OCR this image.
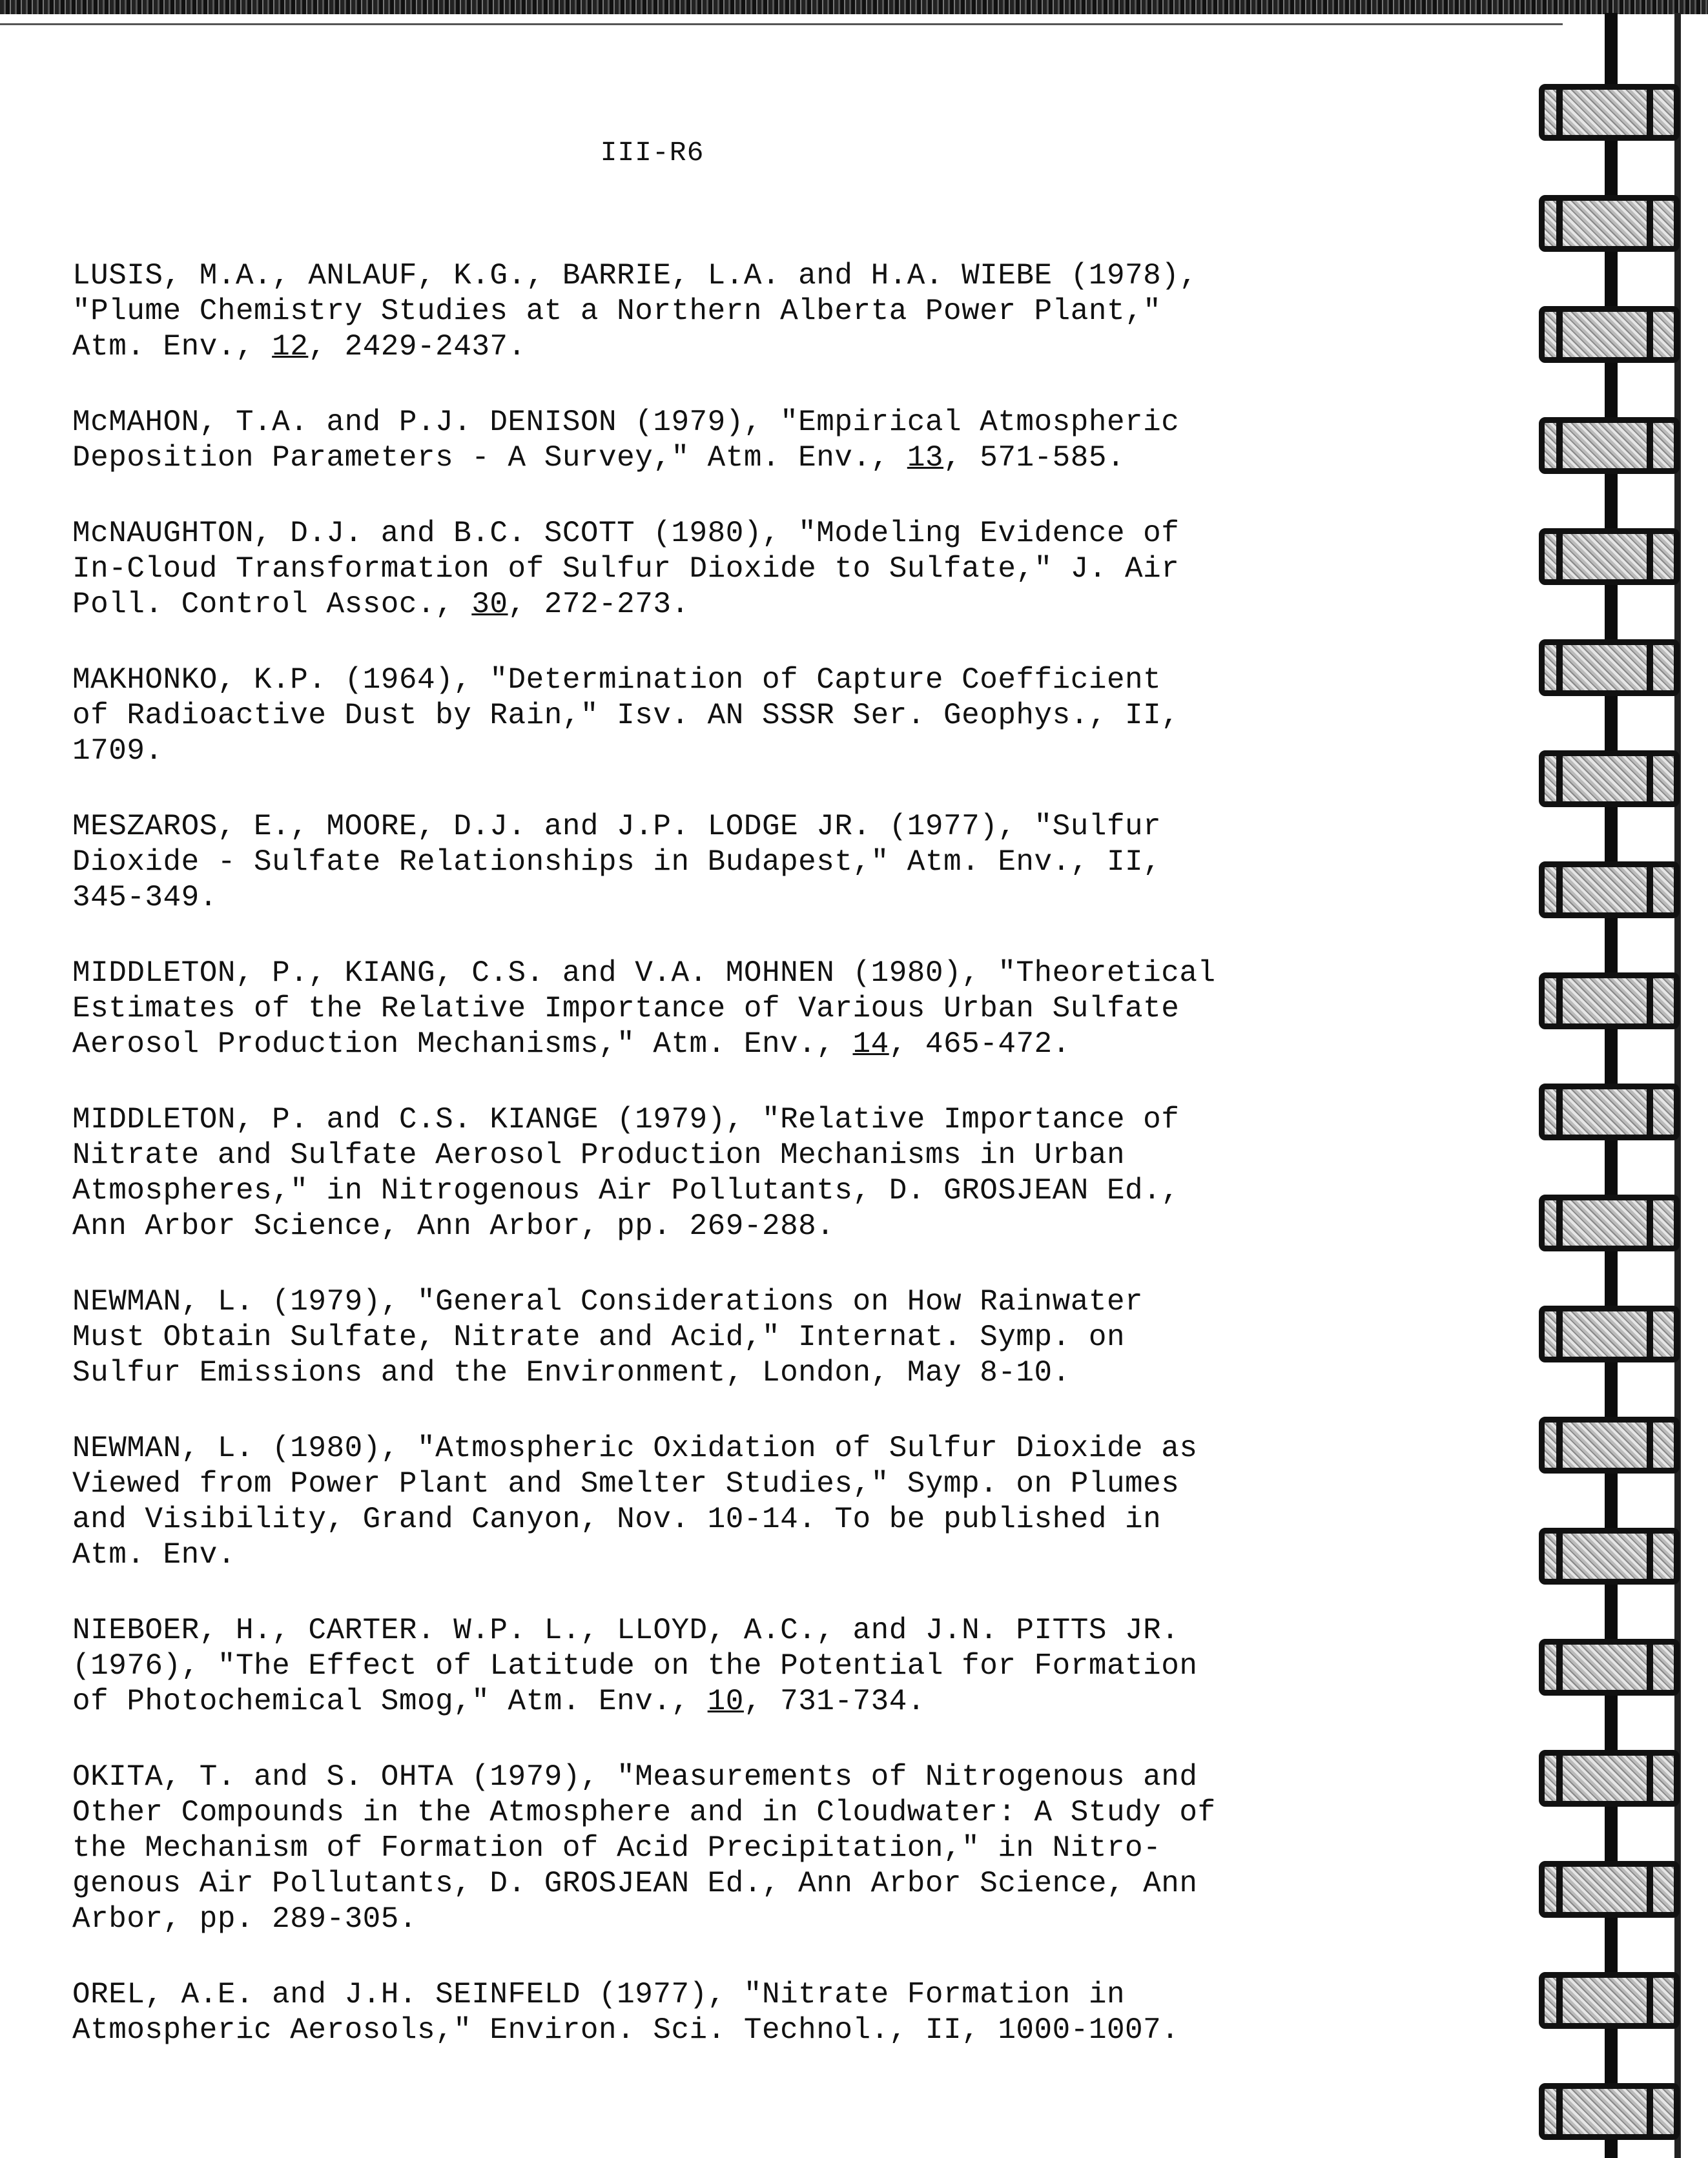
III-R6

LUSIS, M.A., ANLAUF, K.G., BARRIE, L.A. and H.A. WIEBE (1978),
"Plume Chemistry Studies at a Northern Alberta Power Plant,"
Atm. Env., 12, 2429-2437.

McMAHON, T.A. and P.J. DENISON (1979), "Empirical Atmospheric
Deposition Parameters - A Survey," Atm. Env., 13, 571-585.

McNAUGHTON, D.J. and B.C. SCOTT (1980), "Modeling Evidence of
In-Cloud Transformation of Sulfur Dioxide to Sulfate," J. Air
Poll. Control Assoc., 30, 272-273.

MAKHONKO, K.P. (1964), "Determination of Capture Coefficient
of Radioactive Dust by Rain," Isv. AN SSSR Ser. Geophys., II,
1709.

MESZAROS, E., MOORE, D.J. and J.P. LODGE JR. (1977), "Sulfur
Dioxide - Sulfate Relationships in Budapest," Atm. Env., II,
345-349.

MIDDLETON, P., KIANG, C.S. and V.A. MOHNEN (1980), "Theoretical
Estimates of the Relative Importance of Various Urban Sulfate
Aerosol Production Mechanisms," Atm. Env., 14, 465-472.

MIDDLETON, P. and C.S. KIANGE (1979), "Relative Importance of
Nitrate and Sulfate Aerosol Production Mechanisms in Urban
Atmospheres," in Nitrogenous Air Pollutants, D. GROSJEAN Ed.,
Ann Arbor Science, Ann Arbor, pp. 269-288.

NEWMAN, L. (1979), "General Considerations on How Rainwater
Must Obtain Sulfate, Nitrate and Acid," Internat. Symp. on
Sulfur Emissions and the Environment, London, May 8-10.

NEWMAN, L. (1980), "Atmospheric Oxidation of Sulfur Dioxide as
Viewed from Power Plant and Smelter Studies," Symp. on Plumes
and Visibility, Grand Canyon, Nov. 10-14. To be published in
Atm. Env.

NIEBOER, H., CARTER. W.P. L., LLOYD, A.C., and J.N. PITTS JR.
(1976), "The Effect of Latitude on the Potential for Formation
of Photochemical Smog," Atm. Env., 10, 731-734.

OKITA, T. and S. OHTA (1979), "Measurements of Nitrogenous and
Other Compounds in the Atmosphere and in Cloudwater: A Study of
the Mechanism of Formation of Acid Precipitation," in Nitro-
genous Air Pollutants, D. GROSJEAN Ed., Ann Arbor Science, Ann
Arbor, pp. 289-305.

OREL, A.E. and J.H. SEINFELD (1977), "Nitrate Formation in
Atmospheric Aerosols," Environ. Sci. Technol., II, 1000-1007.
